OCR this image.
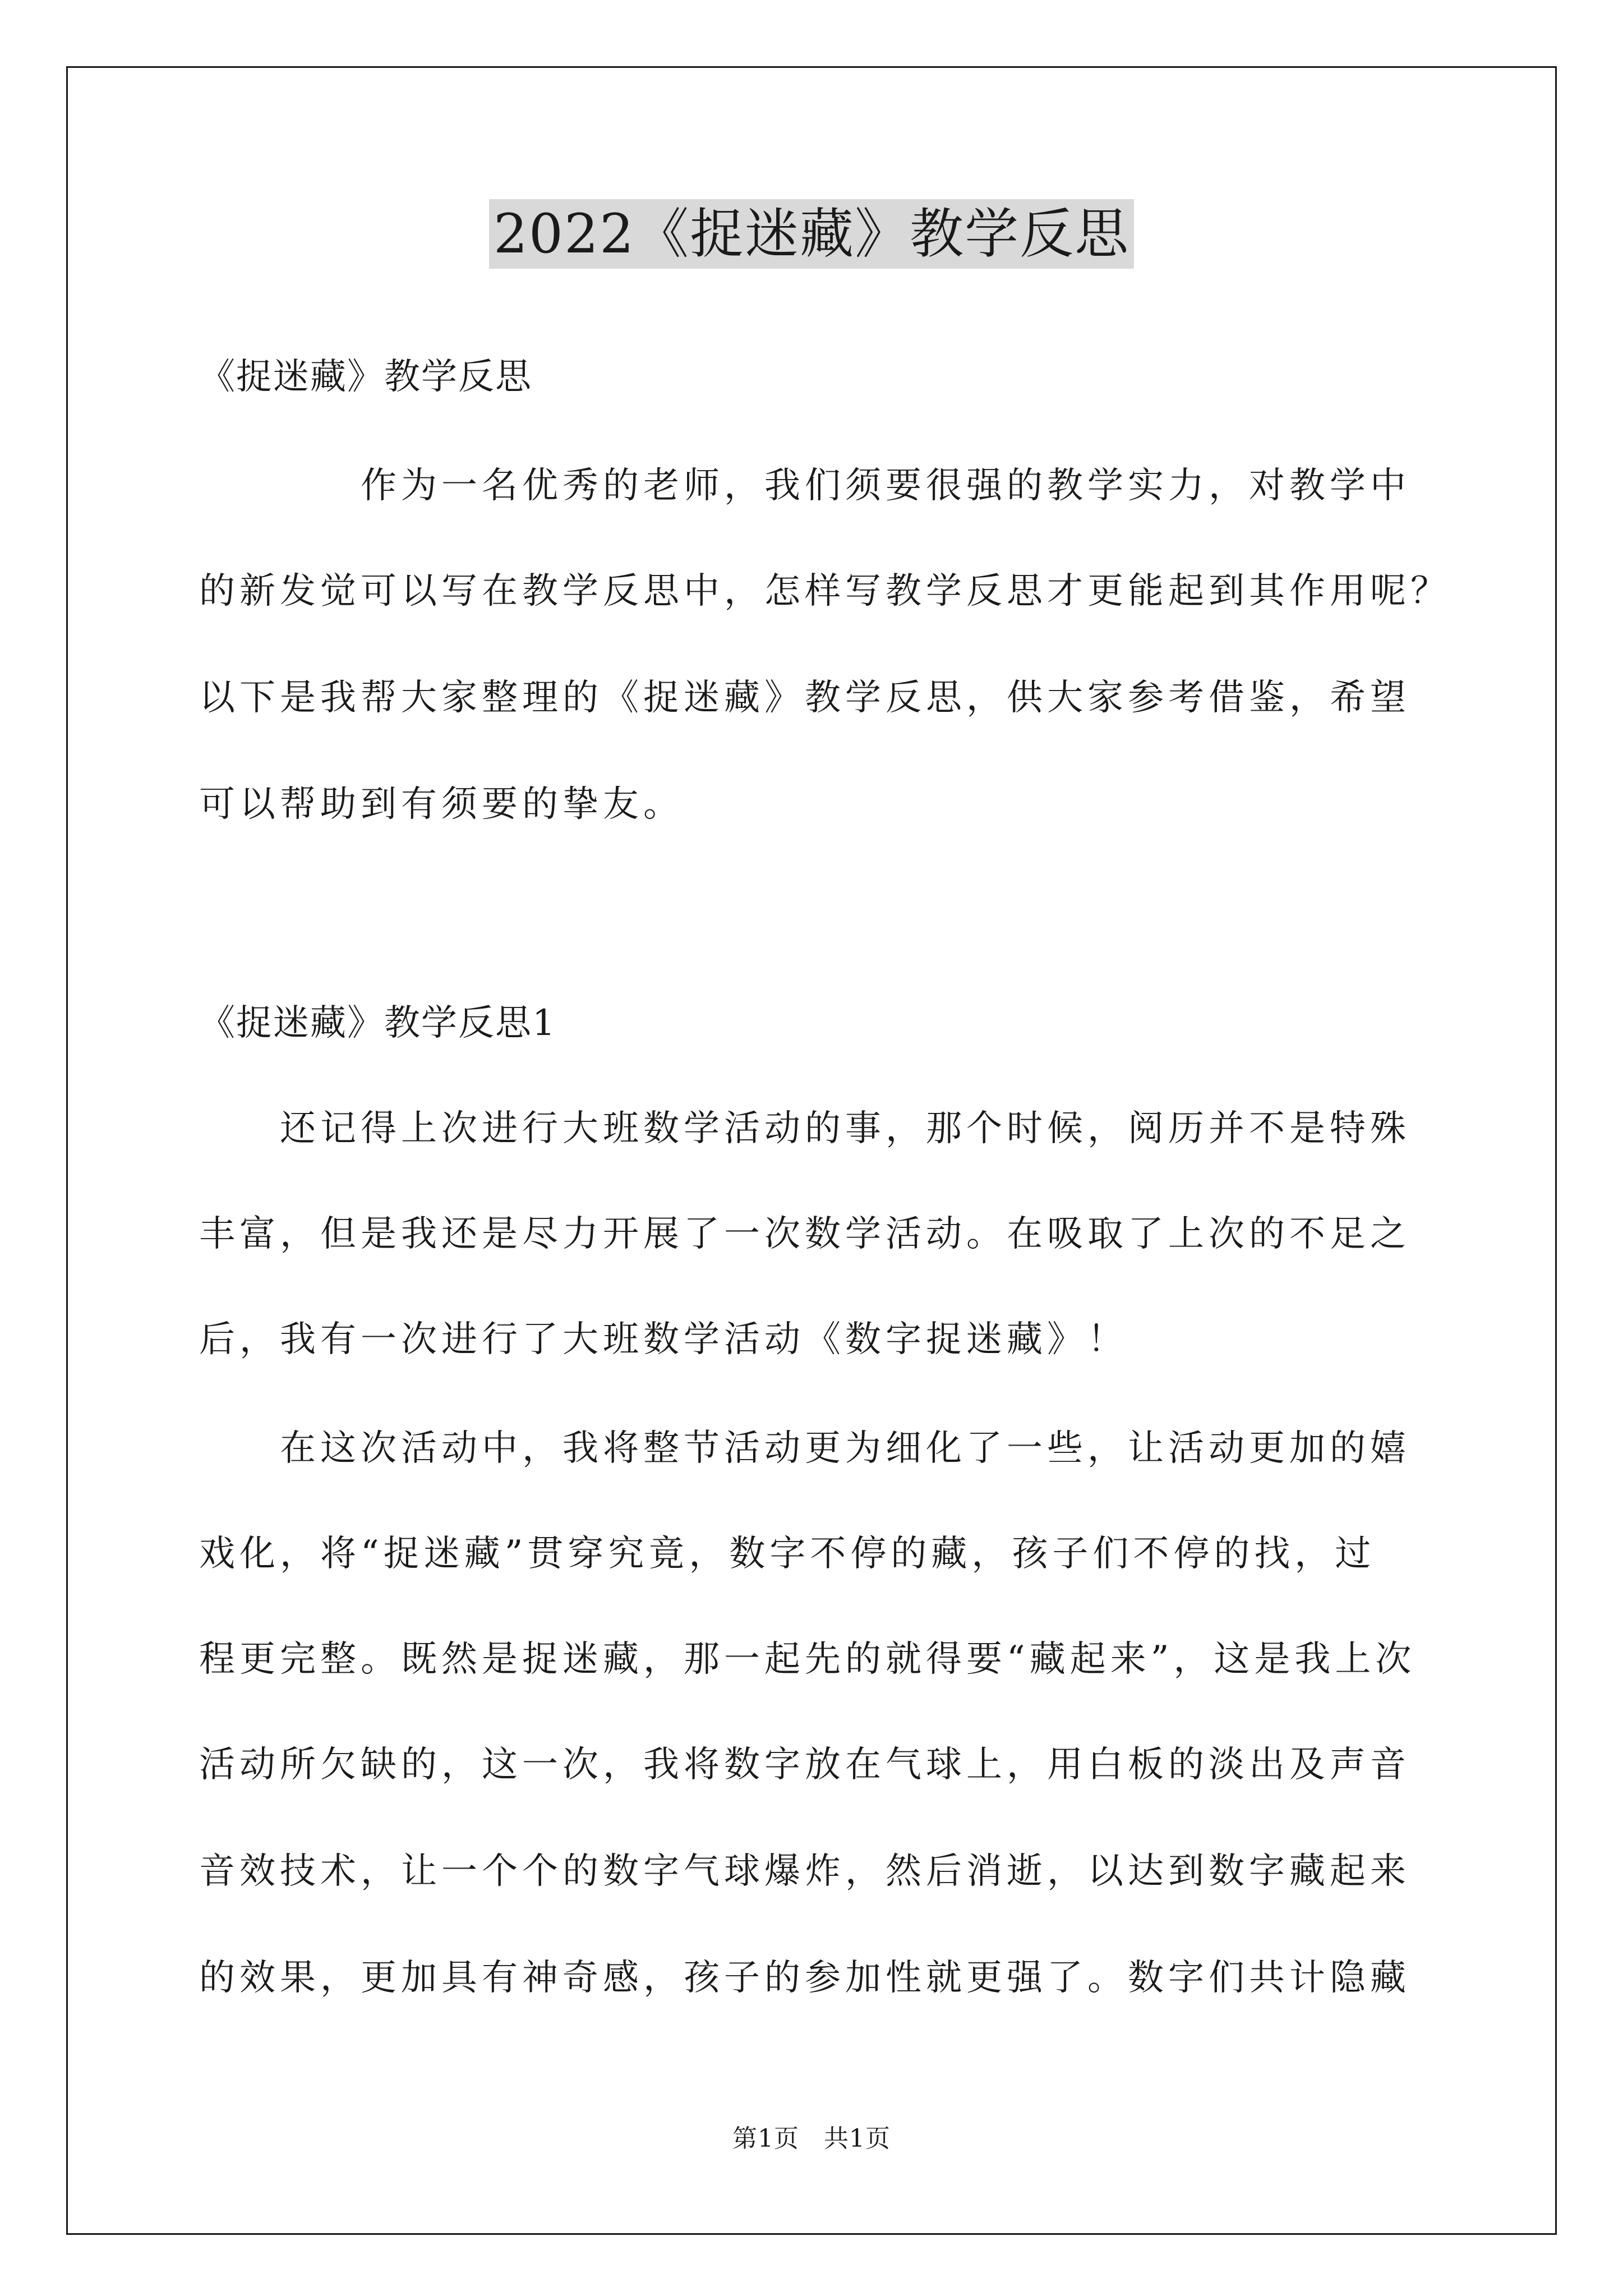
2022《捉迷藏》教学反思
《捉迷藏》教学反思
　　　　作为一名优秀的老师，我们须要很强的教学实力，对教学中
的新发觉可以写在教学反思中，怎样写教学反思才更能起到其作用呢？
以下是我帮大家整理的《捉迷藏》教学反思，供大家参考借鉴，希望
可以帮助到有须要的挚友。
《捉迷藏》教学反思1
　　还记得上次进行大班数学活动的事，那个时候，阅历并不是特殊
丰富，但是我还是尽力开展了一次数学活动。在吸取了上次的不足之
后，我有一次进行了大班数学活动《数字捉迷藏》！
　　在这次活动中，我将整节活动更为细化了一些，让活动更加的嬉
戏化，将“捉迷藏”贯穿究竟，数字不停的藏，孩子们不停的找，过
程更完整。既然是捉迷藏，那一起先的就得要“藏起来”，这是我上次
活动所欠缺的，这一次，我将数字放在气球上，用白板的淡出及声音
音效技术，让一个个的数字气球爆炸，然后消逝，以达到数字藏起来
的效果，更加具有神奇感，孩子的参加性就更强了。数字们共计隐藏
第1页 共1页
